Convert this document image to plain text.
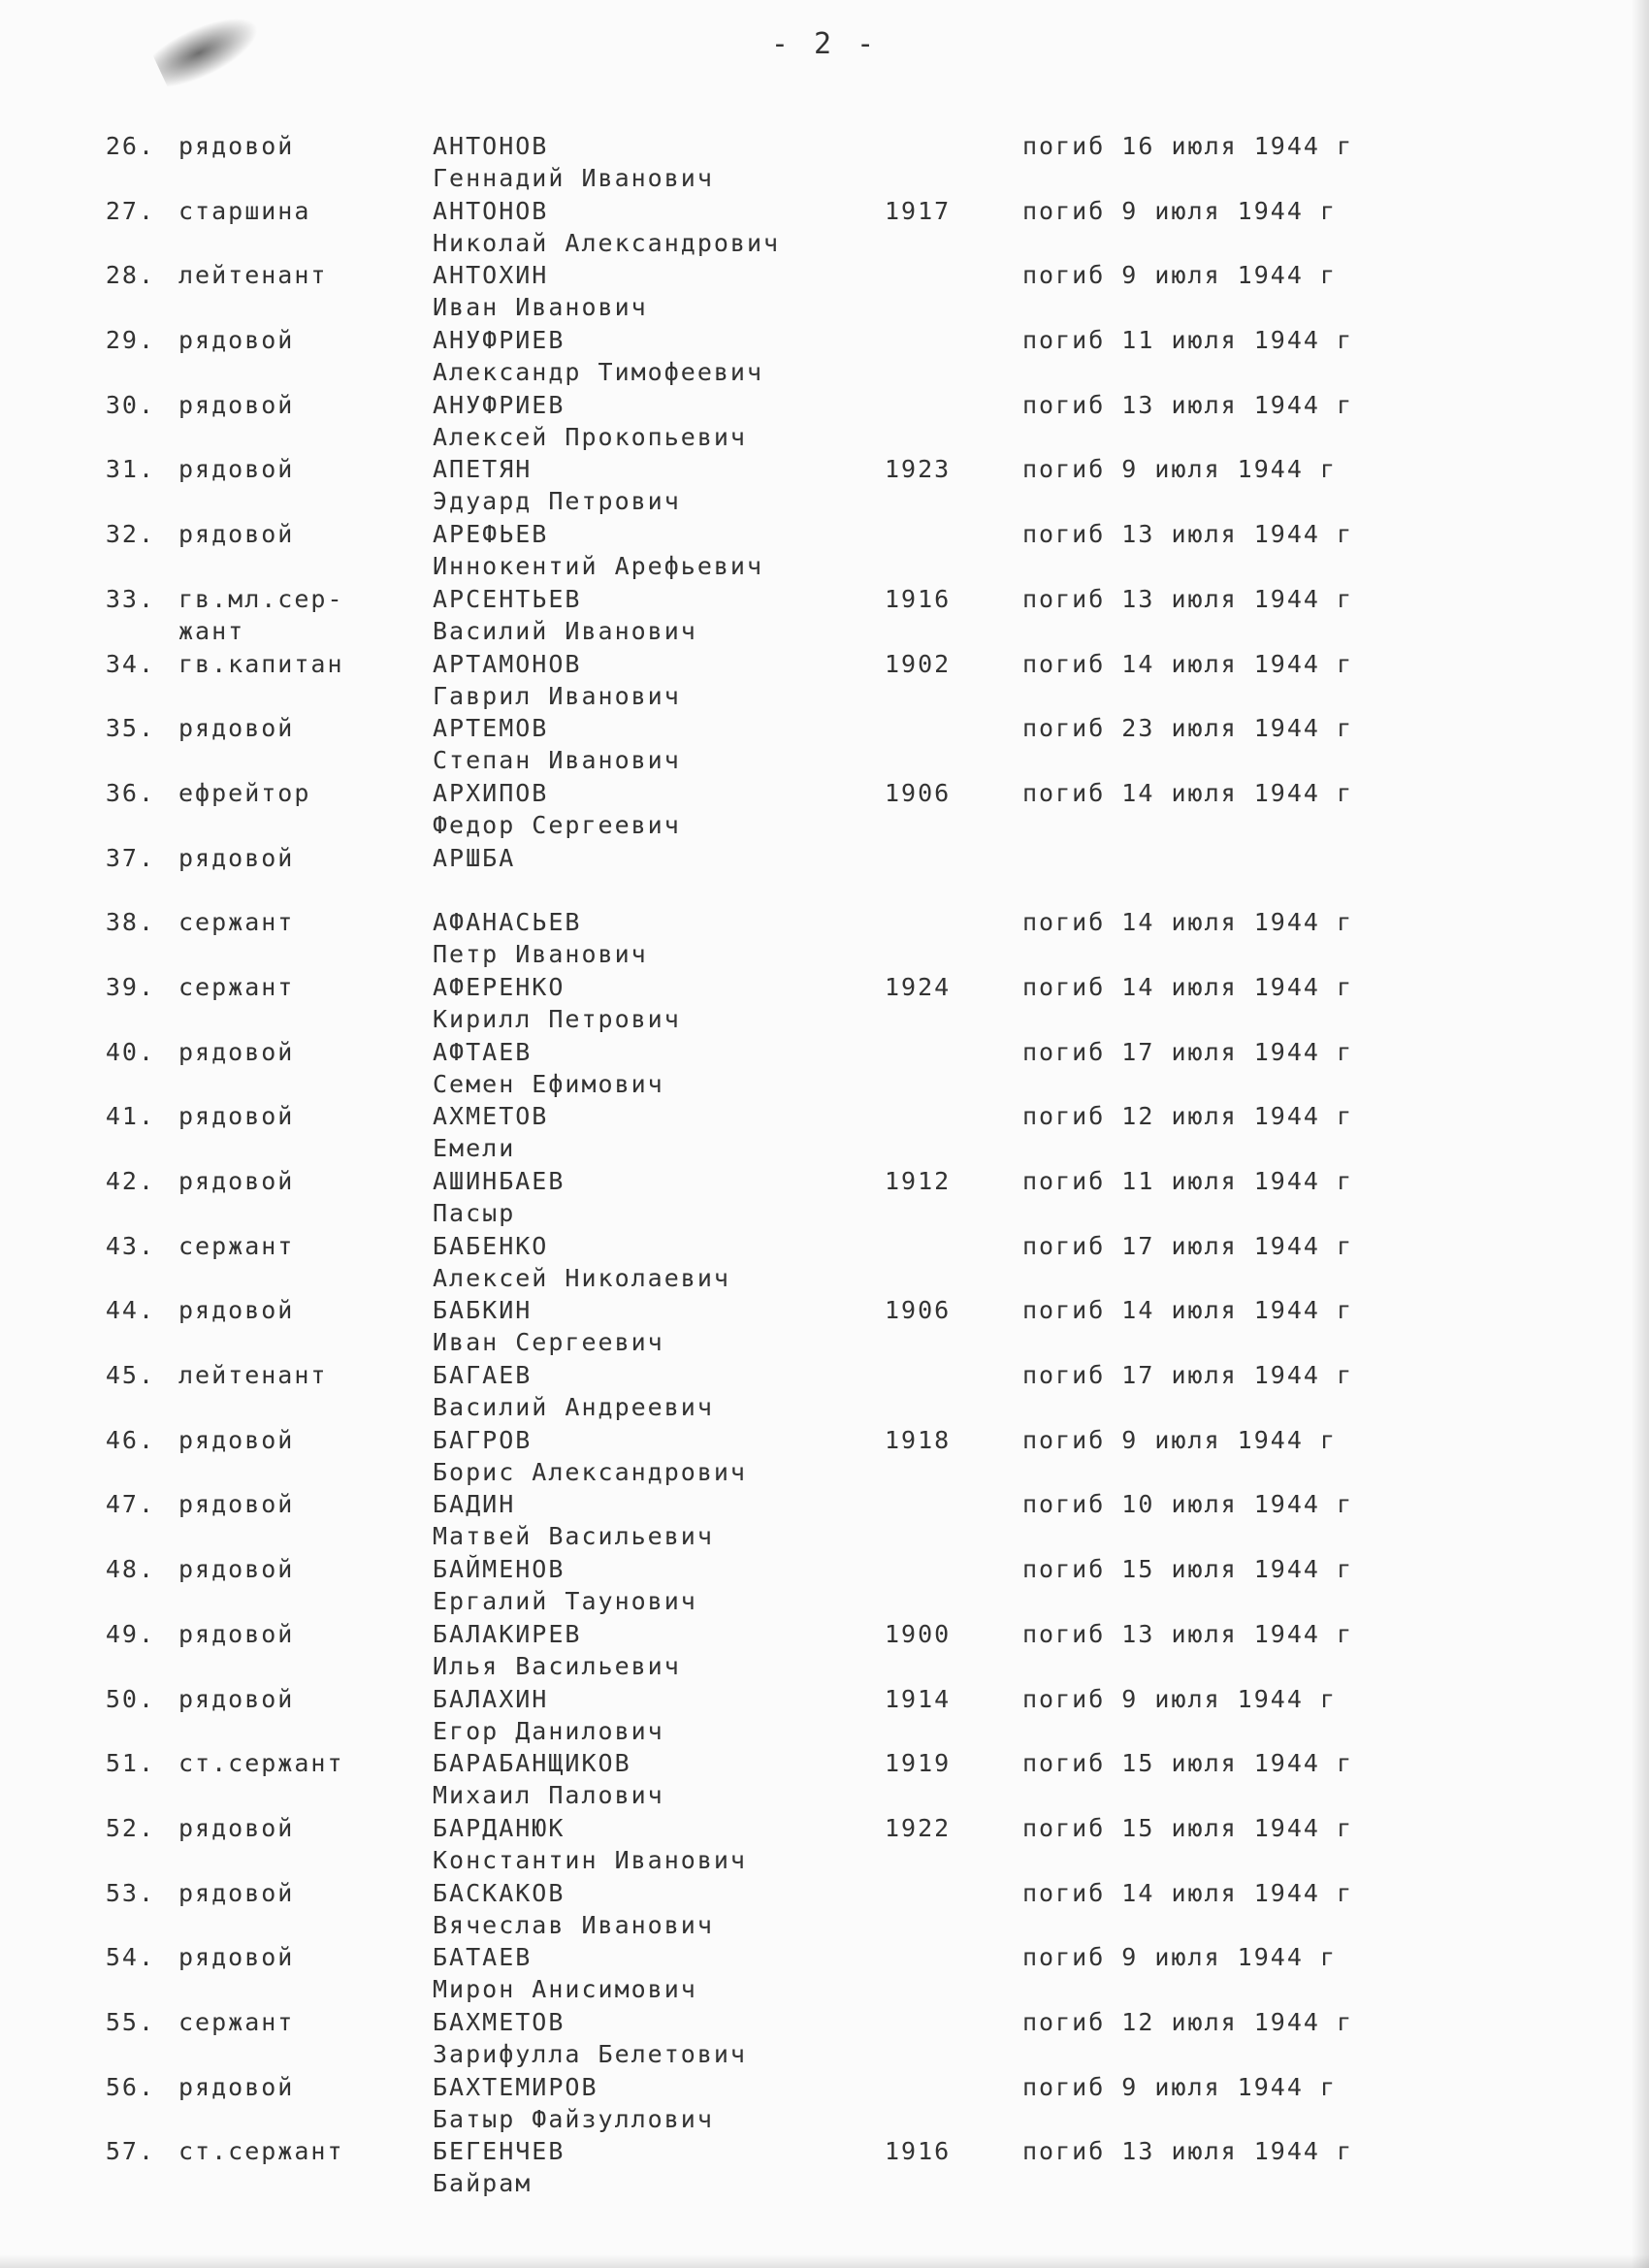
- 2 -
26. рядовой	АНТОНОВ
Геннадий Иванович
погиб 16 июля 1944 г
27. старшина	АНТОНОВ
Николай Александрович
1917	погиб 9 июля 1944 г
28. лейтенант	АНТОХИН
Иван Иванович
погиб 9 июля 1944 г
29. рядовой	АНУФРИЕВ
Александр Тимофеевич
погиб 11 июля 1944 г
30. рядовой	АНУФРИЕВ
Алексей Прокопьевич
погиб 13 июля 1944 г
31. рядовой	АПЕТЯН
Эдуард Петрович
1923	погиб 9 июля 1944 г
32. рядовой	АРЕФЬЕВ
Иннокентий Арефьевич
погиб 13 июля 1944 г
33. гв.мл.сер-
жант
АРСЕНТЬЕВ
Василий Иванович
1916	погиб 13 июля 1944 г
34. гв.капитан	АРТАМОНОВ
Гаврил Иванович
1902	погиб 14 июля 1944 г
35. рядовой	АРТЕМОВ
Степан Иванович
погиб 23 июля 1944 г
36. ефрейтор	АРХИПОВ
Федор Сергеевич
1906	погиб 14 июля 1944 г
37. рядовой	АРШБА
38. сержант	АФАНАСЬЕВ
Петр Иванович
погиб 14 июля 1944 г
39. сержант	АФЕРЕНКО
Кирилл Петрович
1924	погиб 14 июля 1944 г
40. рядовой	АФТАЕВ
Семен Ефимович
погиб 17 июля 1944 г
41. рядовой	АХМЕТОВ
Емели
погиб 12 июля 1944 г
42. рядовой	АШИНБАЕВ
Пасыр
1912	погиб 11 июля 1944 г
43. сержант	БАБЕНКО
Алексей Николаевич
погиб 17 июля 1944 г
44. рядовой	БАБКИН
Иван Сергеевич
1906	погиб 14 июля 1944 г
45. лейтенант	БАГАЕВ
Василий Андреевич
погиб 17 июля 1944 г
46. рядовой	БАГРОВ
Борис Александрович
1918	погиб 9 июля 1944 г
47. рядовой	БАДИН
Матвей Васильевич
погиб 10 июля 1944 г
48. рядовой	БАЙМЕНОВ
Ергалий Таунович
погиб 15 июля 1944 г
49. рядовой	БАЛАКИРЕВ
Илья Васильевич
1900	погиб 13 июля 1944 г
50. рядовой	БАЛАХИН
Егор Данилович
1914	погиб 9 июля 1944 г
51. ст.сержант	БАРАБАНЩИКОВ
Михаил Палович
1919	погиб 15 июля 1944 г
52. рядовой	БАРДАНЮК
Константин Иванович
1922	погиб 15 июля 1944 г
53. рядовой	БАСКАКОВ
Вячеслав Иванович
погиб 14 июля 1944 г
54. рядовой	БАТАЕВ
Мирон Анисимович
погиб 9 июля 1944 г
55. сержант	БАХМЕТОВ
Зарифулла Белетович
погиб 12 июля 1944 г
56. рядовой	БАХТЕМИРОВ
Батыр Файзуллович
погиб 9 июля 1944 г
57. ст.сержант	БЕГЕНЧЕВ
Байрам
1916	погиб 13 июля 1944 г
